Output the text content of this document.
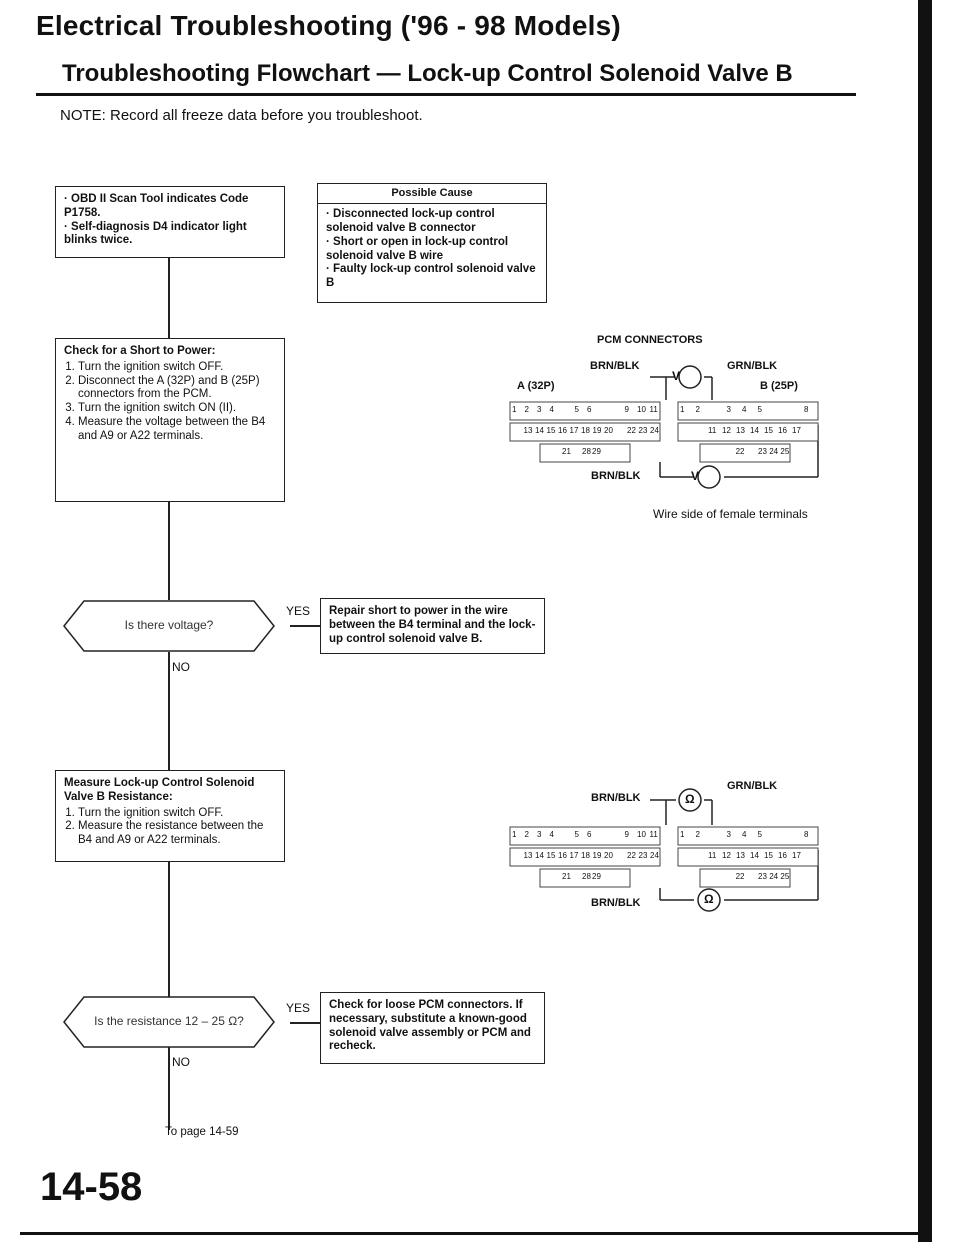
Electrical Troubleshooting ('96 - 98 Models)
Troubleshooting Flowchart — Lock-up Control Solenoid Valve B
NOTE: Record all freeze data before you troubleshoot.
· OBD II Scan Tool indicates Code P1758.
· Self-diagnosis D4 indicator light blinks twice.
Possible Cause
· Disconnected lock-up control solenoid valve B connector
· Short or open in lock-up control solenoid valve B wire
· Faulty lock-up control solenoid valve B
Check for a Short to Power:
1. Turn the ignition switch OFF.
2. Disconnect the A (32P) and B (25P) connectors from the PCM.
3. Turn the ignition switch ON (II).
4. Measure the voltage between the B4 and A9 or A22 terminals.
Is there voltage?
YES
NO
Repair short to power in the wire between the B4 terminal and the lock-up control solenoid valve B.
Measure Lock-up Control Solenoid Valve B Resistance:
1. Turn the ignition switch OFF.
2. Measure the resistance between the B4 and A9 or A22 terminals.
Is the resistance 12 – 25 Ω?
YES
NO
Check for loose PCM connectors. If necessary, substitute a known-good solenoid valve assembly or PCM and recheck.
To page 14-59
14-58
PCM CONNECTORS
BRN/BLK	GRN/BLK
A (32P)	B (25P)
BRN/BLK
Wire side of female terminals
V
V
BRN/BLK
GRN/BLK
BRN/BLK
Ω
Ω
1 2 3 4	5 6	9 10 11
13 14 15 16 17 18 19 20 22 23 24
21 28 29
1 2	3 4 5	8
11 12 13 14 15 16 17
22 23 24 25
1 2 3 4	5 6	9 10 11
13 14 15 16 17 18 19 20 22 23 24
21 28 29
1 2	3 4 5	8
11 12 13 14 15 16 17
22 23 24 25
